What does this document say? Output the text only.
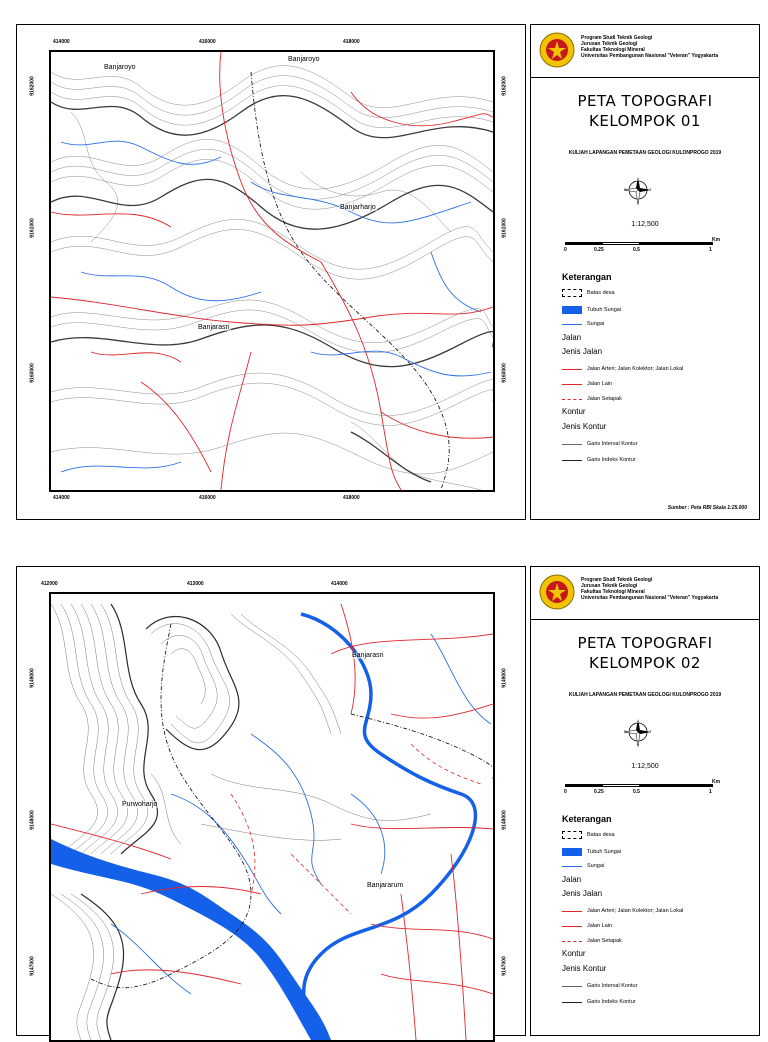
414000	416000	418000
414000	416000	418000
9162000
9161000
9160000
9162000
9161000
9160000
Banjaroyo
Banjaroyo
Banjarharjo
Banjarasri
Program Studi Teknik Geologi
Jurusan Teknik Geologi
Fakultas Teknologi Mineral
Universitas Pembangunan Nasional "Veteran" Yogyakarta
PETA TOPOGRAFI
KELOMPOK 01
KULIAH LAPANGAN PEMETAAN GEOLOGI KULONPROGO 2019
U
S
B	T
1:12,500
0	0.25	0.5	1
Km
Keterangan
Batas desa
Tubuh Sungai
Sungai
Jalan
Jenis Jalan
Jalan Arteri; Jalan Kolektor; Jalan Lokal
Jalan Lain
Jalan Setapak
Kontur
Jenis Kontur
Garis Interval Kontur
Garis Indeks Kontur
Sumber : Peta RBI Skala 1:25.000
412000	413000	414000
9149000
9148000
9147000
9149000
9148000
9147000
Banjarasri
Purwoharjo
Banjararum
Program Studi Teknik Geologi
Jurusan Teknik Geologi
Fakultas Teknologi Mineral
Universitas Pembangunan Nasional "Veteran" Yogyakarta
PETA TOPOGRAFI
KELOMPOK 02
KULIAH LAPANGAN PEMETAAN GEOLOGI KULONPROGO 2019
U
S
B	T
1:12,500
0	0.25	0.5	1
Km
Keterangan
Batas desa
Tubuh Sungai
Sungai
Jalan
Jenis Jalan
Jalan Arteri; Jalan Kolektor; Jalan Lokal
Jalan Lain
Jalan Setapak
Kontur
Jenis Kontur
Garis Interval Kontur
Garis Indeks Kontur
